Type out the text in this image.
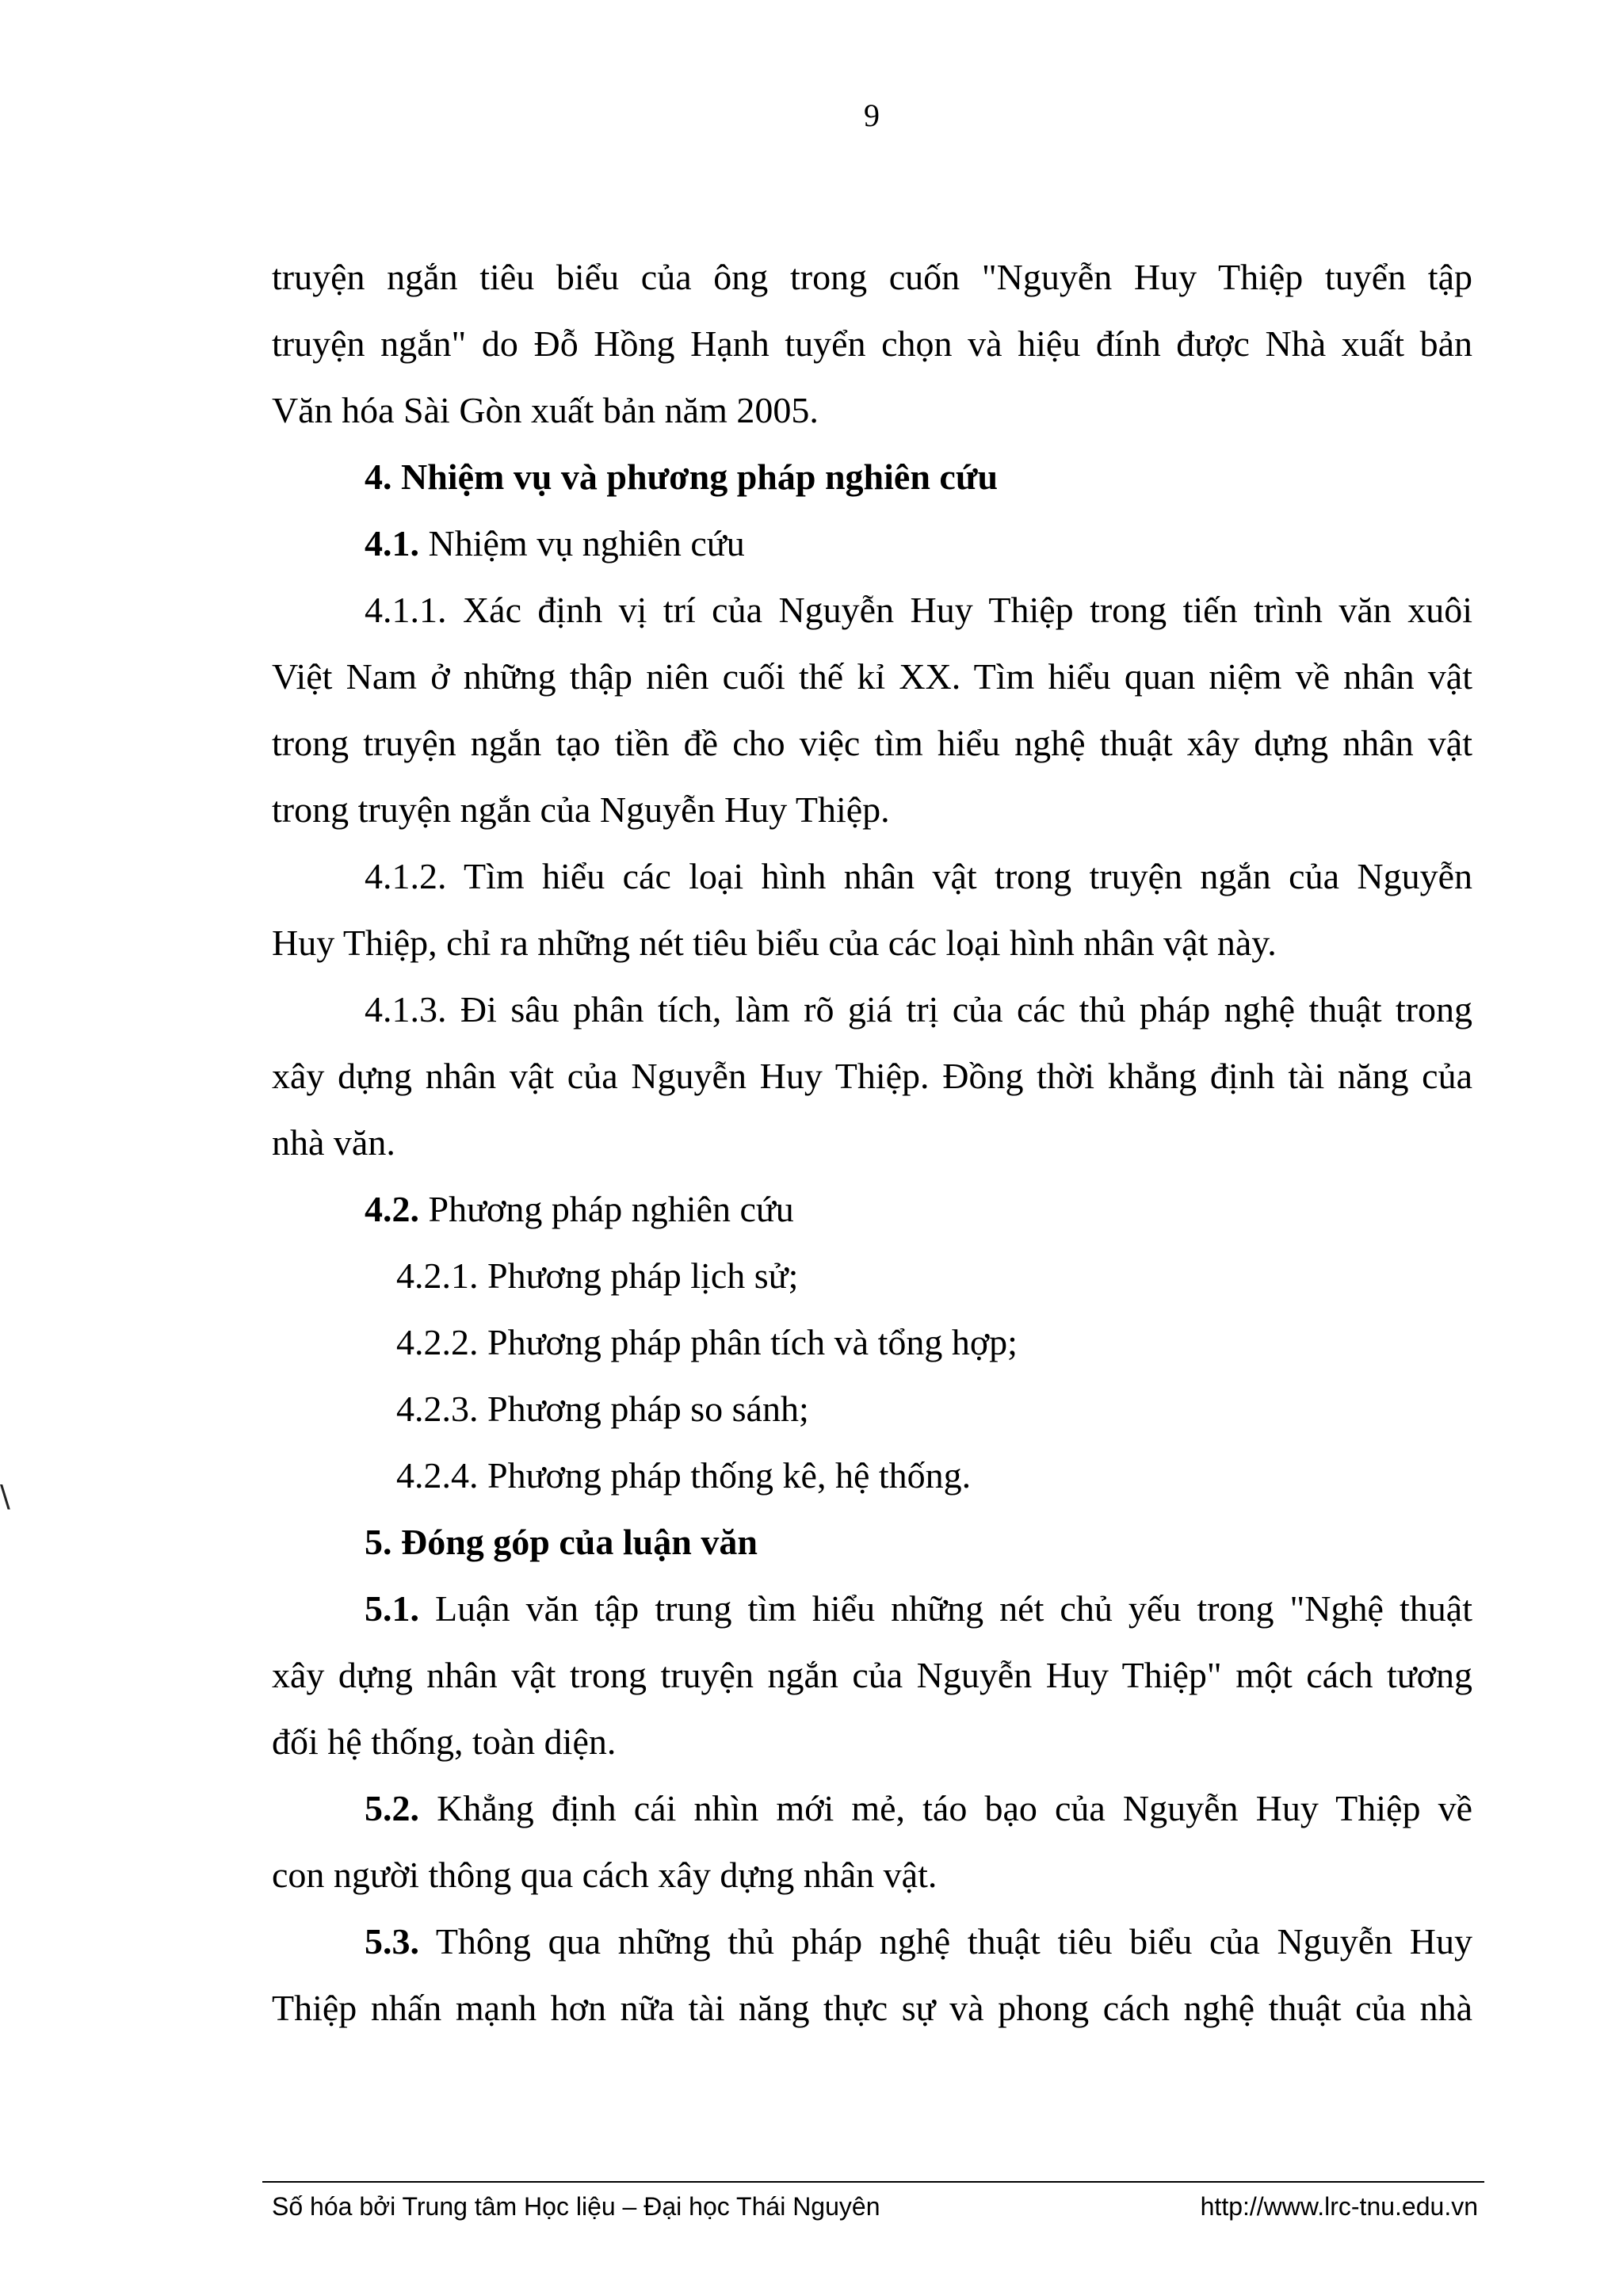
9
truyện ngắn tiêu biểu của ông trong cuốn "Nguyễn Huy Thiệp tuyển tập
truyện ngắn" do Đỗ Hồng Hạnh tuyển chọn và hiệu đính được Nhà xuất bản
Văn hóa Sài Gòn xuất bản năm 2005.
4. Nhiệm vụ và phương pháp nghiên cứu
4.1. Nhiệm vụ nghiên cứu
4.1.1. Xác định vị trí của Nguyễn Huy Thiệp trong tiến trình văn xuôi
Việt Nam ở những thập niên cuối thế kỉ XX. Tìm hiểu quan niệm về nhân vật
trong truyện ngắn tạo tiền đề cho việc tìm hiểu nghệ thuật xây dựng nhân vật
trong truyện ngắn của Nguyễn Huy Thiệp.
4.1.2. Tìm hiểu các loại hình nhân vật trong truyện ngắn của Nguyễn
Huy Thiệp, chỉ ra những nét tiêu biểu của các loại hình nhân vật này.
4.1.3. Đi sâu phân tích, làm rõ giá trị của các thủ pháp nghệ thuật trong
xây dựng nhân vật của Nguyễn Huy Thiệp. Đồng thời khẳng định tài năng của
nhà văn.
4.2. Phương pháp nghiên cứu
4.2.1. Phương pháp lịch sử;
4.2.2. Phương pháp phân tích và tổng hợp;
4.2.3. Phương pháp so sánh;
4.2.4. Phương pháp thống kê, hệ thống.
5. Đóng góp của luận văn
5.1. Luận văn tập trung tìm hiểu những nét chủ yếu trong "Nghệ thuật
xây dựng nhân vật trong truyện ngắn của Nguyễn Huy Thiệp" một cách tương
đối hệ thống, toàn diện.
5.2. Khẳng định cái nhìn mới mẻ, táo bạo của Nguyễn Huy Thiệp về
con người thông qua cách xây dựng nhân vật.
5.3. Thông qua những thủ pháp nghệ thuật tiêu biểu của Nguyễn Huy
Thiệp nhấn mạnh hơn nữa tài năng thực sự và phong cách nghệ thuật của nhà
\
Số hóa bởi Trung tâm Học liệu – Đại học Thái Nguyên	http://www.lrc-tnu.edu.vn
